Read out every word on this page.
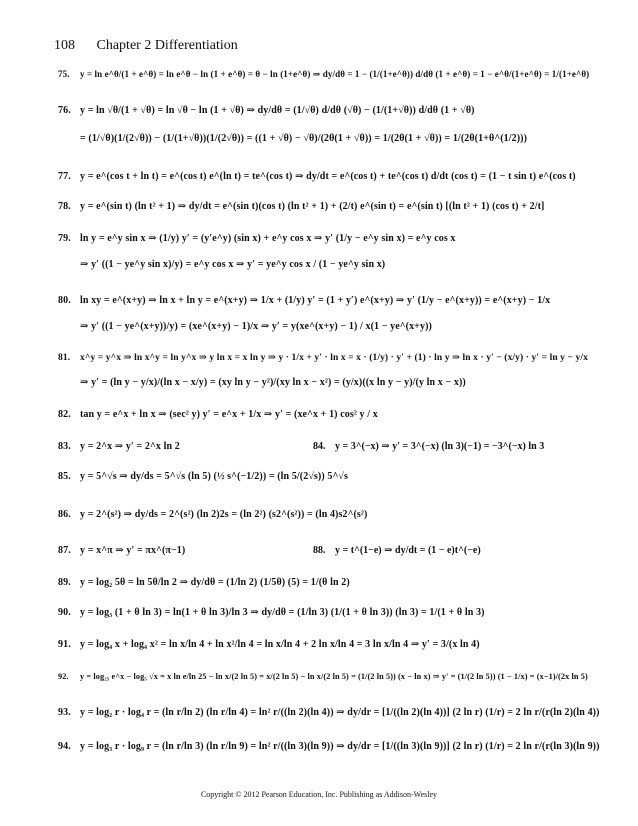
108 Chapter 2 Differentiation
75. y = ln e^θ/(1 + e^θ) = ln e^θ − ln (1 + e^θ) = θ − ln (1+e^θ) ⇒ dy/dθ = 1 − (1/(1+e^θ)) d/dθ (1 + e^θ) = 1 − e^θ/(1+e^θ) = 1/(1+e^θ)
76. y = ln √θ/(1 + √θ) = ln √θ − ln (1 + √θ) ⇒ dy/dθ = (1/√θ) d/dθ (√θ) − (1/(1+√θ)) d/dθ (1 + √θ)
= (1/√θ)(1/(2√θ)) − (1/(1+√θ))(1/(2√θ)) = ((1 + √θ) − √θ)/(2θ(1 + √θ)) = 1/(2θ(1 + √θ)) = 1/(2θ(1+θ^(1/2)))
77. y = e^(cos t + ln t) = e^(cos t) e^(ln t) = te^(cos t) ⇒ dy/dt = e^(cos t) + te^(cos t) d/dt (cos t) = (1 − t sin t) e^(cos t)
78. y = e^(sin t) (ln t² + 1) ⇒ dy/dt = e^(sin t)(cos t) (ln t² + 1) + (2/t) e^(sin t) = e^(sin t) [(ln t² + 1) (cos t) + 2/t]
79. ln y = e^y sin x ⇒ (1/y) y′ = (y′e^y) (sin x) + e^y cos x ⇒ y′ (1/y − e^y sin x) = e^y cos x
⇒ y′ ((1 − ye^y sin x)/y) = e^y cos x ⇒ y′ = ye^y cos x / (1 − ye^y sin x)
80. ln xy = e^(x+y) ⇒ ln x + ln y = e^(x+y) ⇒ 1/x + (1/y) y′ = (1 + y′) e^(x+y) ⇒ y′ (1/y − e^(x+y)) = e^(x+y) − 1/x
⇒ y′ ((1 − ye^(x+y))/y) = (xe^(x+y) − 1)/x ⇒ y′ = y(xe^(x+y) − 1) / x(1 − ye^(x+y))
81. x^y = y^x ⇒ ln x^y = ln y^x ⇒ y ln x = x ln y ⇒ y · 1/x + y′ · ln x = x · (1/y) · y′ + (1) · ln y ⇒ ln x · y′ − (x/y) · y′ = ln y − y/x
⇒ y′ = (ln y − y/x)/(ln x − x/y) = (xy ln y − y²)/(xy ln x − x²) = (y/x)((x ln y − y)/(y ln x − x))
82. tan y = e^x + ln x ⇒ (sec² y) y′ = e^x + 1/x ⇒ y′ = (xe^x + 1) cos² y / x
83. y = 2^x ⇒ y′ = 2^x ln 2	84. y = 3^(−x) ⇒ y′ = 3^(−x) (ln 3)(−1) = −3^(−x) ln 3
85. y = 5^√s ⇒ dy/ds = 5^√s (ln 5) (½ s^(−1/2)) = (ln 5/(2√s)) 5^√s
86. y = 2^(s²) ⇒ dy/ds = 2^(s²) (ln 2)2s = (ln 2²) (s2^(s²)) = (ln 4)s2^(s²)
87. y = x^π ⇒ y′ = πx^(π−1)	88. y = t^(1−e) ⇒ dy/dt = (1 − e)t^(−e)
89. y = log₂ 5θ = ln 5θ/ln 2 ⇒ dy/dθ = (1/ln 2) (1/5θ) (5) = 1/(θ ln 2)
90. y = log₃ (1 + θ ln 3) = ln(1 + θ ln 3)/ln 3 ⇒ dy/dθ = (1/ln 3) (1/(1 + θ ln 3)) (ln 3) = 1/(1 + θ ln 3)
91. y = log₄ x + log₄ x² = ln x/ln 4 + ln x²/ln 4 = ln x/ln 4 + 2 ln x/ln 4 = 3 ln x/ln 4 ⇒ y′ = 3/(x ln 4)
92. y = log₂₅ e^x − log₅ √x = x ln e/ln 25 − ln x/(2 ln 5) = x/(2 ln 5) − ln x/(2 ln 5) = (1/(2 ln 5)) (x − ln x) ⇒ y′ = (1/(2 ln 5)) (1 − 1/x) = (x−1)/(2x ln 5)
93. y = log₂ r · log₄ r = (ln r/ln 2) (ln r/ln 4) = ln² r/((ln 2)(ln 4)) ⇒ dy/dr = [1/((ln 2)(ln 4))] (2 ln r) (1/r) = 2 ln r/(r(ln 2)(ln 4))
94. y = log₃ r · log₉ r = (ln r/ln 3) (ln r/ln 9) = ln² r/((ln 3)(ln 9)) ⇒ dy/dr = [1/((ln 3)(ln 9))] (2 ln r) (1/r) = 2 ln r/(r(ln 3)(ln 9))
Copyright © 2012 Pearson Education, Inc. Publishing as Addison-Wesley
